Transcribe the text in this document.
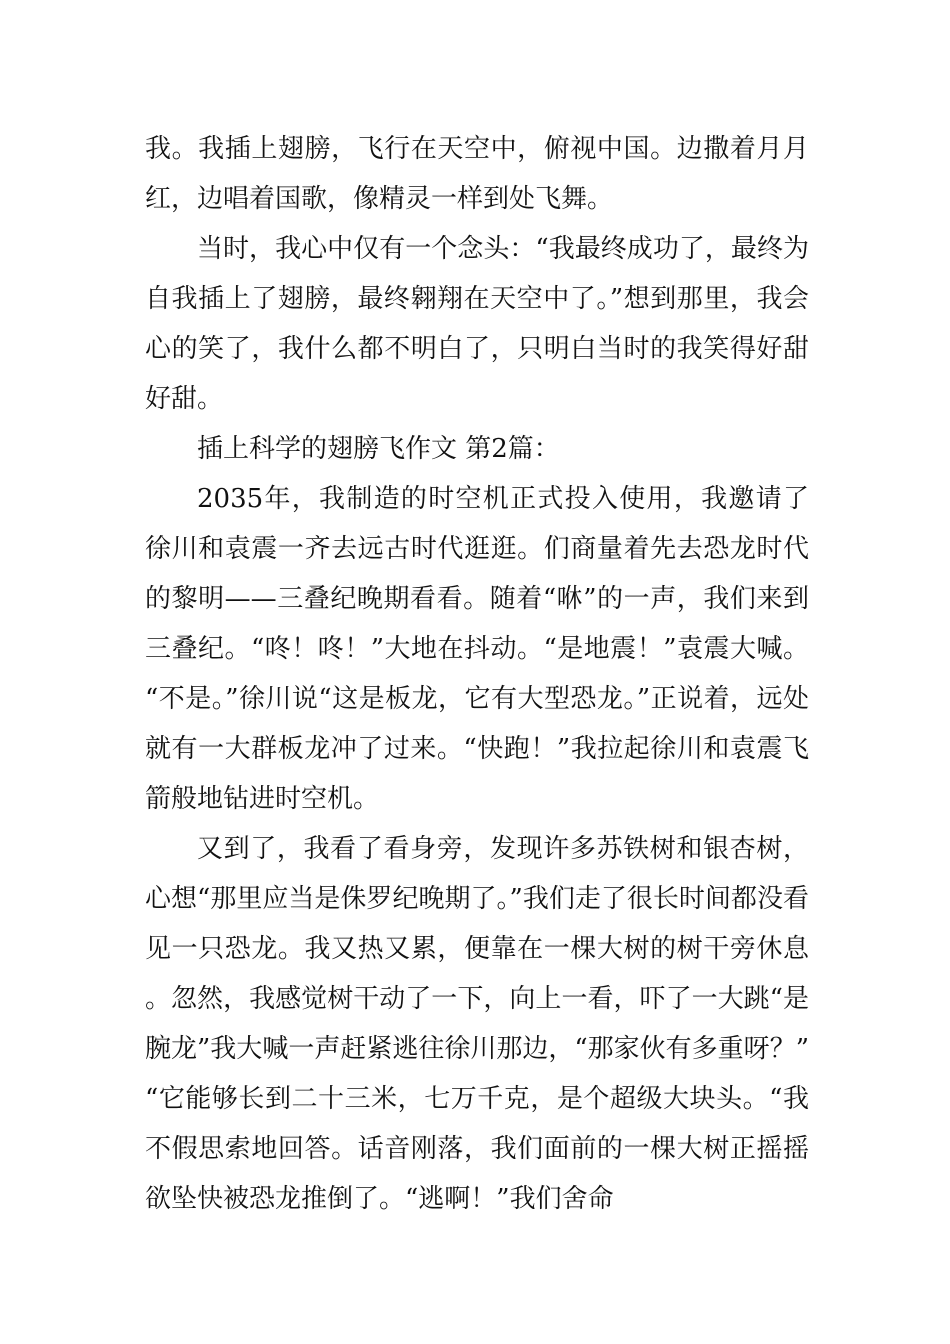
我。我插上翅膀，飞行在天空中，俯视中国。边撒着月月红，边唱着国歌，像精灵一样到处飞舞。

当时，我心中仅有一个念头：“我最终成功了，最终为自我插上了翅膀，最终翱翔在天空中了。”想到那里，我会心的笑了，我什么都不明白了，只明白当时的我笑得好甜好甜。

插上科学的翅膀飞作文 第2篇：

2035年，我制造的时空机正式投入使用，我邀请了徐川和袁震一齐去远古时代逛逛。们商量着先去恐龙时代的黎明——三叠纪晚期看看。随着“咻”的一声，我们来到三叠纪。“咚！咚！”大地在抖动。“是地震！”袁震大喊。“不是。”徐川说“这是板龙，它有大型恐龙。”正说着，远处就有一大群板龙冲了过来。“快跑！”我拉起徐川和袁震飞箭般地钻进时空机。

又到了，我看了看身旁，发现许多苏铁树和银杏树，心想“那里应当是侏罗纪晚期了。”我们走了很长时间都没看见一只恐龙。我又热又累，便靠在一棵大树的树干旁休息。忽然，我感觉树干动了一下，向上一看，吓了一大跳“是腕龙”我大喊一声赶紧逃往徐川那边，“那家伙有多重呀？”“它能够长到二十三米，七万千克，是个超级大块头。“我不假思索地回答。话音刚落，我们面前的一棵大树正摇摇欲坠快被恐龙推倒了。“逃啊！”我们舍命
